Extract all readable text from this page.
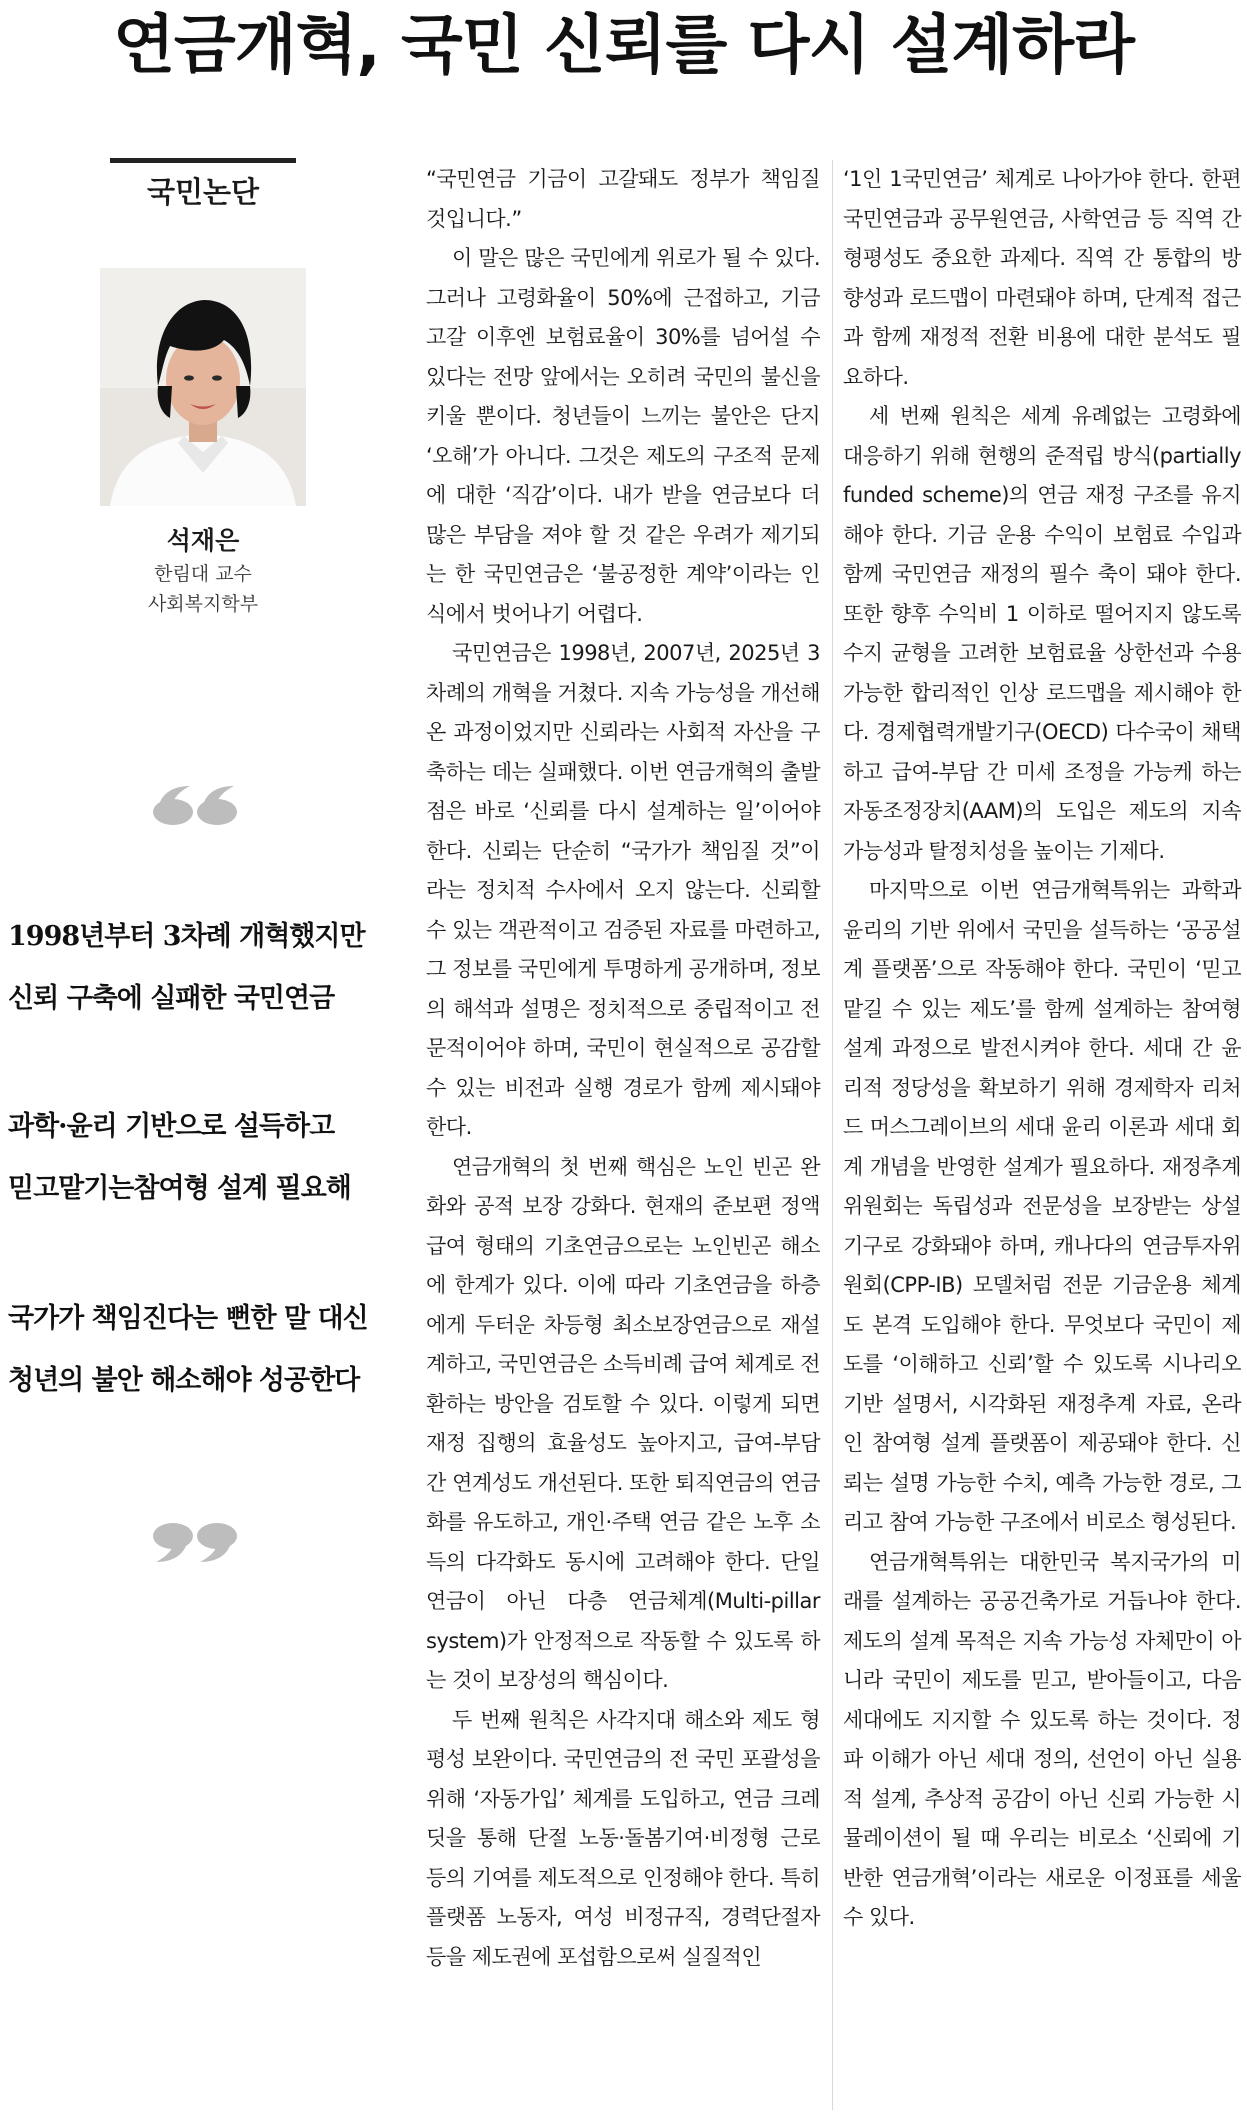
연금개혁, 국민 신뢰를 다시 설계하라
국민논단
석재은
한림대 교수
사회복지학부
1998년부터 3차례 개혁했지만
신뢰 구축에 실패한 국민연금
과학·윤리 기반으로 설득하고
믿고맡기는참여형 설계 필요해
국가가 책임진다는 뻔한 말 대신
청년의 불안 해소해야 성공한다

“국민연금 기금이 고갈돼도 정부가 책임질 것입니다.”

이 말은 많은 국민에게 위로가 될 수 있다. 그러나 고령화율이 50%에 근접하고, 기금 고갈 이후엔 보험료율이 30%를 넘어설 수 있다는 전망 앞에서는 오히려 국민의 불신을 키울 뿐이다. 청년들이 느끼는 불안은 단지 ‘오해’가 아니다. 그것은 제도의 구조적 문제에 대한 ‘직감’이다. 내가 받을 연금보다 더 많은 부담을 져야 할 것 같은 우려가 제기되는 한 국민연금은 ‘불공정한 계약’이라는 인식에서 벗어나기 어렵다.

국민연금은 1998년, 2007년, 2025년 3차례의 개혁을 거쳤다. 지속 가능성을 개선해온 과정이었지만 신뢰라는 사회적 자산을 구축하는 데는 실패했다. 이번 연금개혁의 출발점은 바로 ‘신뢰를 다시 설계하는 일’이어야 한다. 신뢰는 단순히 “국가가 책임질 것”이라는 정치적 수사에서 오지 않는다. 신뢰할 수 있는 객관적이고 검증된 자료를 마련하고, 그 정보를 국민에게 투명하게 공개하며, 정보의 해석과 설명은 정치적으로 중립적이고 전문적이어야 하며, 국민이 현실적으로 공감할 수 있는 비전과 실행 경로가 함께 제시돼야 한다.

연금개혁의 첫 번째 핵심은 노인 빈곤 완화와 공적 보장 강화다. 현재의 준보편 정액급여 형태의 기초연금으로는 노인빈곤 해소에 한계가 있다. 이에 따라 기초연금을 하층에게 두터운 차등형 최소보장연금으로 재설계하고, 국민연금은 소득비례 급여 체계로 전환하는 방안을 검토할 수 있다. 이렇게 되면 재정 집행의 효율성도 높아지고, 급여-부담 간 연계성도 개선된다. 또한 퇴직연금의 연금화를 유도하고, 개인·주택 연금 같은 노후 소득의 다각화도 동시에 고려해야 한다. 단일 연금이 아닌 다층 연금체계(Multi-pillar system)가 안정적으로 작동할 수 있도록 하는 것이 보장성의 핵심이다.

두 번째 원칙은 사각지대 해소와 제도 형평성 보완이다. 국민연금의 전 국민 포괄성을 위해 ‘자동가입’ 체계를 도입하고, 연금 크레딧을 통해 단절 노동·돌봄기여·비정형 근로 등의 기여를 제도적으로 인정해야 한다. 특히 플랫폼 노동자, 여성 비정규직, 경력단절자 등을 제도권에 포섭함으로써 실질적인

‘1인 1국민연금’ 체계로 나아가야 한다. 한편 국민연금과 공무원연금, 사학연금 등 직역 간 형평성도 중요한 과제다. 직역 간 통합의 방향성과 로드맵이 마련돼야 하며, 단계적 접근과 함께 재정적 전환 비용에 대한 분석도 필요하다.

세 번째 원칙은 세계 유례없는 고령화에 대응하기 위해 현행의 준적립 방식(partially funded scheme)의 연금 재정 구조를 유지해야 한다. 기금 운용 수익이 보험료 수입과 함께 국민연금 재정의 필수 축이 돼야 한다. 또한 향후 수익비 1 이하로 떨어지지 않도록 수지 균형을 고려한 보험료율 상한선과 수용 가능한 합리적인 인상 로드맵을 제시해야 한다. 경제협력개발기구(OECD) 다수국이 채택하고 급여-부담 간 미세 조정을 가능케 하는 자동조정장치(AAM)의 도입은 제도의 지속 가능성과 탈정치성을 높이는 기제다.

마지막으로 이번 연금개혁특위는 과학과 윤리의 기반 위에서 국민을 설득하는 ‘공공설계 플랫폼’으로 작동해야 한다. 국민이 ‘믿고 맡길 수 있는 제도’를 함께 설계하는 참여형 설계 과정으로 발전시켜야 한다. 세대 간 윤리적 정당성을 확보하기 위해 경제학자 리처드 머스그레이브의 세대 윤리 이론과 세대 회계 개념을 반영한 설계가 필요하다. 재정추계위원회는 독립성과 전문성을 보장받는 상설 기구로 강화돼야 하며, 캐나다의 연금투자위원회(CPP-IB) 모델처럼 전문 기금운용 체계도 본격 도입해야 한다. 무엇보다 국민이 제도를 ‘이해하고 신뢰’할 수 있도록 시나리오 기반 설명서, 시각화된 재정추계 자료, 온라인 참여형 설계 플랫폼이 제공돼야 한다. 신뢰는 설명 가능한 수치, 예측 가능한 경로, 그리고 참여 가능한 구조에서 비로소 형성된다.

연금개혁특위는 대한민국 복지국가의 미래를 설계하는 공공건축가로 거듭나야 한다. 제도의 설계 목적은 지속 가능성 자체만이 아니라 국민이 제도를 믿고, 받아들이고, 다음 세대에도 지지할 수 있도록 하는 것이다. 정파 이해가 아닌 세대 정의, 선언이 아닌 실용적 설계, 추상적 공감이 아닌 신뢰 가능한 시뮬레이션이 될 때 우리는 비로소 ‘신뢰에 기반한 연금개혁’이라는 새로운 이정표를 세울 수 있다.
